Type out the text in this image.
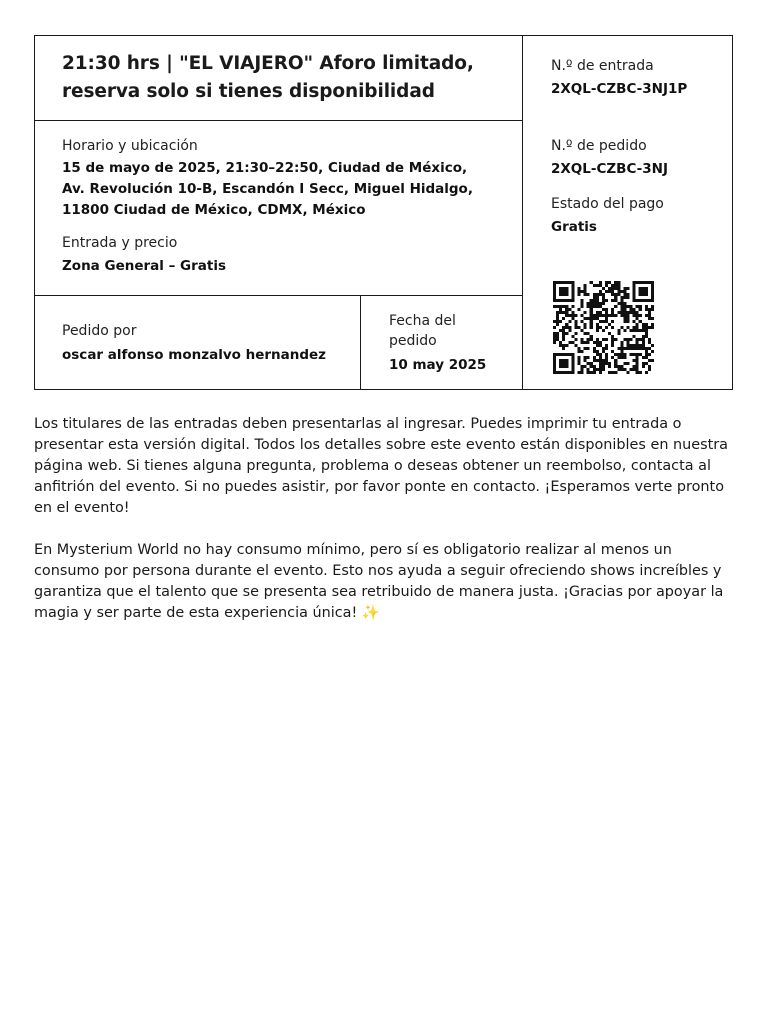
21:30 hrs | "EL VIAJERO" Aforo limitado, reserva solo si tienes disponibilidad
N.º de entrada
2XQL-CZBC-3NJ1P
Horario y ubicación
15 de mayo de 2025, 21:30–22:50, Ciudad de México, Av. Revolución 10-B, Escandón I Secc, Miguel Hidalgo, 11800 Ciudad de México, CDMX, México
Entrada y precio
Zona General – Gratis
N.º de pedido
2XQL-CZBC-3NJ
Estado del pago
Gratis
Pedido por
oscar alfonso monzalvo hernandez
Fecha del pedido
10 may 2025

Los titulares de las entradas deben presentarlas al ingresar. Puedes imprimir tu entrada o presentar esta versión digital. Todos los detalles sobre este evento están disponibles en nuestra página web. Si tienes alguna pregunta, problema o deseas obtener un reembolso, contacta al anfitrión del evento. Si no puedes asistir, por favor ponte en contacto. ¡Esperamos verte pronto en el evento!

En Mysterium World no hay consumo mínimo, pero sí es obligatorio realizar al menos un consumo por persona durante el evento. Esto nos ayuda a seguir ofreciendo shows increíbles y garantiza que el talento que se presenta sea retribuido de manera justa. ¡Gracias por apoyar la magia y ser parte de esta experiencia única! ✨
